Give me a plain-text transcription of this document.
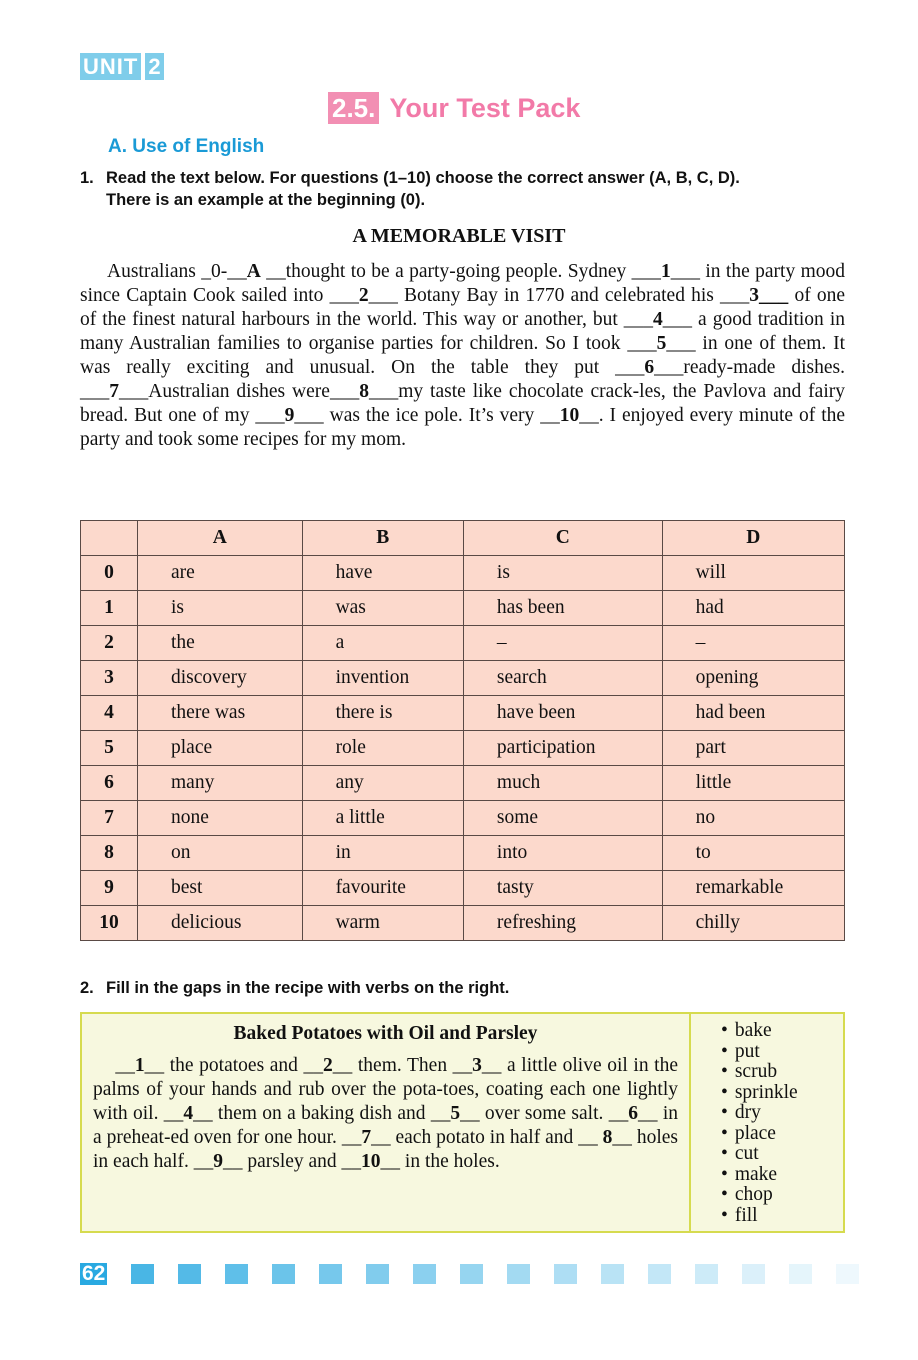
UNIT 2
2.5. Your Test Pack
A. Use of English
1. Read the text below. For questions (1–10) choose the correct answer (A, B, C, D).
There is an example at the beginning (0).
A MEMORABLE VISIT
Australians _0-__A __thought to be a party-going people. Sydney ___1___ in the party mood since Captain Cook sailed into ___2___ Botany Bay in 1770 and celebrated his ___3___ of one of the finest natural harbours in the world. This way or another, but ___4___ a good tradition in many Australian families to organise parties for children. So I took ___5___ in one of them. It was really exciting and unusual. On the table they put ___6___ready-made dishes. ___7___Australian dishes were___8___my taste like chocolate crack-les, the Pavlova and fairy bread. But one of my ___9___ was the ice pole. It’s very __10__. I enjoyed every minute of the party and took some recipes for my mom.
	A	B	C	D
0	are	have	is	will
1	is	was	has been	had
2	the	a	–	–
3	discovery	invention	search	opening
4	there was	there is	have been	had been
5	place	role	participation	part
6	many	any	much	little
7	none	a little	some	no
8	on	in	into	to
9	best	favourite	tasty	remarkable
10	delicious	warm	refreshing	chilly
2. Fill in the gaps in the recipe with verbs on the right.
Baked Potatoes with Oil and Parsley
__1__ the potatoes and __2__ them. Then __3__ a little olive oil in the palms of your hands and rub over the pota-toes, coating each one lightly with oil. __4__ them on a baking dish and __5__ over some salt. __6__ in a preheat-ed oven for one hour. __7__ each potato in half and __ 8__ holes in each half. __9__ parsley and __10__ in the holes.
• bake
• put
• scrub
• sprinkle
• dry
• place
• cut
• make
• chop
• fill
62
